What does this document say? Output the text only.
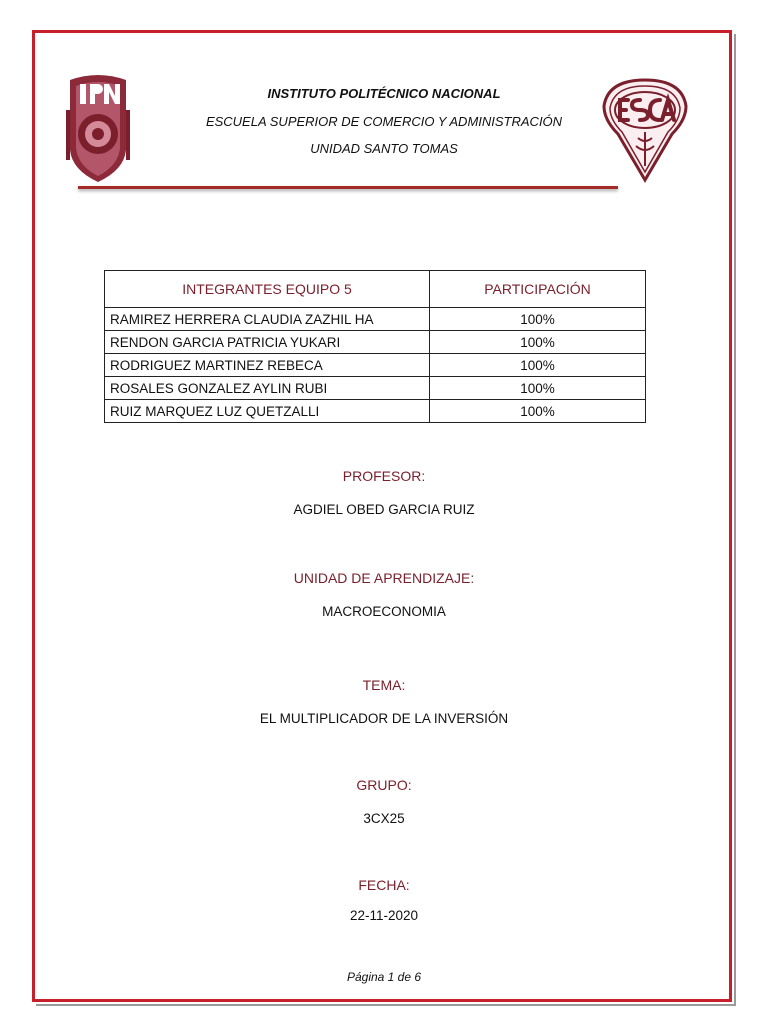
INSTITUTO POLITÉCNICO NACIONAL
ESCUELA SUPERIOR DE COMERCIO Y ADMINISTRACIÓN
UNIDAD SANTO TOMAS
INTEGRANTES EQUIPO 5	PARTICIPACIÓN
RAMIREZ HERRERA CLAUDIA ZAZHIL HA	100%
RENDON GARCIA PATRICIA YUKARI	100%
RODRIGUEZ MARTINEZ REBECA	100%
ROSALES GONZALEZ AYLIN RUBI	100%
RUIZ MARQUEZ LUZ QUETZALLI	100%
PROFESOR:
AGDIEL OBED GARCIA RUIZ
UNIDAD DE APRENDIZAJE:
MACROECONOMIA
TEMA:
EL MULTIPLICADOR DE LA INVERSIÓN
GRUPO:
3CX25
FECHA:
22-11-2020
Página 1 de 6
